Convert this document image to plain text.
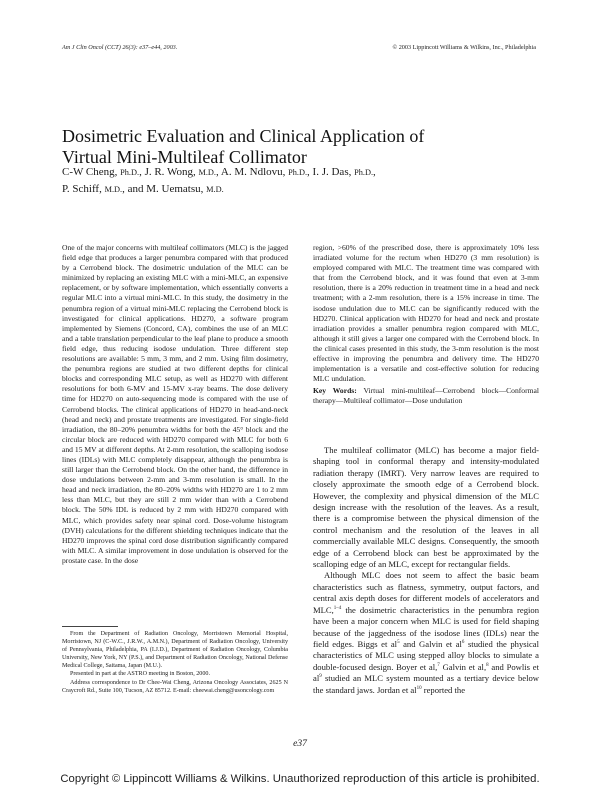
Am J Clin Oncol (CCT) 26(3): e37–e44, 2003.	© 2003 Lippincott Williams & Wilkins, Inc., Philadelphia
Dosimetric Evaluation and Clinical Application of
Virtual Mini-Multileaf Collimator
C-W Cheng, Ph.D., J. R. Wong, M.D., A. M. Ndlovu, Ph.D., I. J. Das, Ph.D.,
P. Schiff, M.D., and M. Uematsu, M.D.

One of the major concerns with multileaf collimators (MLC) is the jagged field edge that produces a larger penumbra compared with that produced by a Cerrobend block. The dosimetric undulation of the MLC can be minimized by replacing an existing MLC with a mini-MLC, an expensive replacement, or by software implementation, which essentially converts a regular MLC into a virtual mini-MLC. In this study, the dosimetry in the penumbra region of a virtual mini-MLC replacing the Cerrobend block is investigated for clinical applications. HD270, a software program implemented by Siemens (Concord, CA), combines the use of an MLC and a table translation perpendicular to the leaf plane to produce a smooth field edge, thus reducing isodose undulation. Three different step resolutions are available: 5 mm, 3 mm, and 2 mm. Using film dosimetry, the penumbra regions are studied at two different depths for clinical blocks and corresponding MLC setup, as well as HD270 with different resolutions for both 6-MV and 15-MV x-ray beams. The dose delivery time for HD270 on auto-sequencing mode is compared with the use of Cerrobend blocks. The clinical applications of HD270 in head-and-neck (head and neck) and prostate treatments are investigated. For single-field irradiation, the 80–20% penumbra widths for both the 45° block and the circular block are reduced with HD270 compared with MLC for both 6 and 15 MV at different depths. At 2-mm resolution, the scalloping isodose lines (IDLs) with MLC completely disappear, although the penumbra is still larger than the Cerrobend block. On the other hand, the difference in dose undulations between 2-mm and 3-mm resolution is small. In the head and neck irradiation, the 80–20% widths with HD270 are 1 to 2 mm less than MLC, but they are still 2 mm wider than with a Cerrobend block. The 50% IDL is reduced by 2 mm with HD270 compared with MLC, which provides safety near spinal cord. Dose-volume histogram (DVH) calculations for the different shielding techniques indicate that the HD270 improves the spinal cord dose distribution significantly compared with MLC. A similar improvement in dose undulation is observed for the prostate case. In the dose

region, >60% of the prescribed dose, there is approximately 10% less irradiated volume for the rectum when HD270 (3 mm resolution) is employed compared with MLC. The treatment time was compared with that from the Cerrobend block, and it was found that even at 3-mm resolution, there is a 20% reduction in treatment time in a head and neck treatment; with a 2-mm resolution, there is a 15% increase in time. The isodose undulation due to MLC can be significantly reduced with the HD270. Clinical application with HD270 for head and neck and prostate irradiation provides a smaller penumbra region compared with MLC, although it still gives a larger one compared with the Cerrobend block. In the clinical cases presented in this study, the 3-mm resolution is the most effective in improving the penumbra and delivery time. The HD270 implementation is a versatile and cost-effective solution for reducing MLC undulation.

Key Words: Virtual mini-multileaf—Cerrobend block—Conformal therapy—Multileaf collimator—Dose undulation

The multileaf collimator (MLC) has become a major field-shaping tool in conformal therapy and intensity-modulated radiation therapy (IMRT). Very narrow leaves are required to closely approximate the smooth edge of a Cerrobend block. However, the complexity and physical dimension of the MLC design increase with the resolution of the leaves. As a result, there is a compromise between the physical dimension of the control mechanism and the resolution of the leaves in all commercially available MLC designs. Consequently, the smooth edge of a Cerrobend block can best be approximated by the scalloping edge of an MLC, except for rectangular fields.

Although MLC does not seem to affect the basic beam characteristics such as flatness, symmetry, output factors, and central axis depth doses for different models of accelerators and MLC,$^{1-4}$ the dosimetric characteristics in the penumbra region have been a major concern when MLC is used for field shaping because of the jaggedness of the isodose lines (IDLs) near the field edges. Biggs et $al^5$ and Galvin et $al^6$ studied the physical characteristics of MLC using stepped alloy blocks to simulate a double-focused design. Boyer et al,$^7$ Galvin et al,$^8$ and Powlis et $al^9$ studied an MLC system mounted as a tertiary device below the standard jaws. Jordan et $al^{10}$ reported the

From the Department of Radiation Oncology, Morristown Memorial Hospital, Morristown, NJ (C-W.C., J.R.W., A.M.N.), Department of Radiation Oncology, University of Pennsylvania, Philadelphia, PA (I.J.D.), Department of Radiation Oncology, Columbia University, New York, NY (P.S.), and Department of Radiation Oncology, National Defense Medical College, Saitama, Japan (M.U.).

Presented in part at the ASTRO meeting in Boston, 2000.

Address correspondence to Dr Chee-Wai Cheng, Arizona Oncology Associates, 2625 N Craycroft Rd., Suite 100, Tucson, AZ 85712. E-mail: cheewai.cheng@usoncology.com

e37
Copyright © Lippincott Williams & Wilkins. Unauthorized reproduction of this article is prohibited.
